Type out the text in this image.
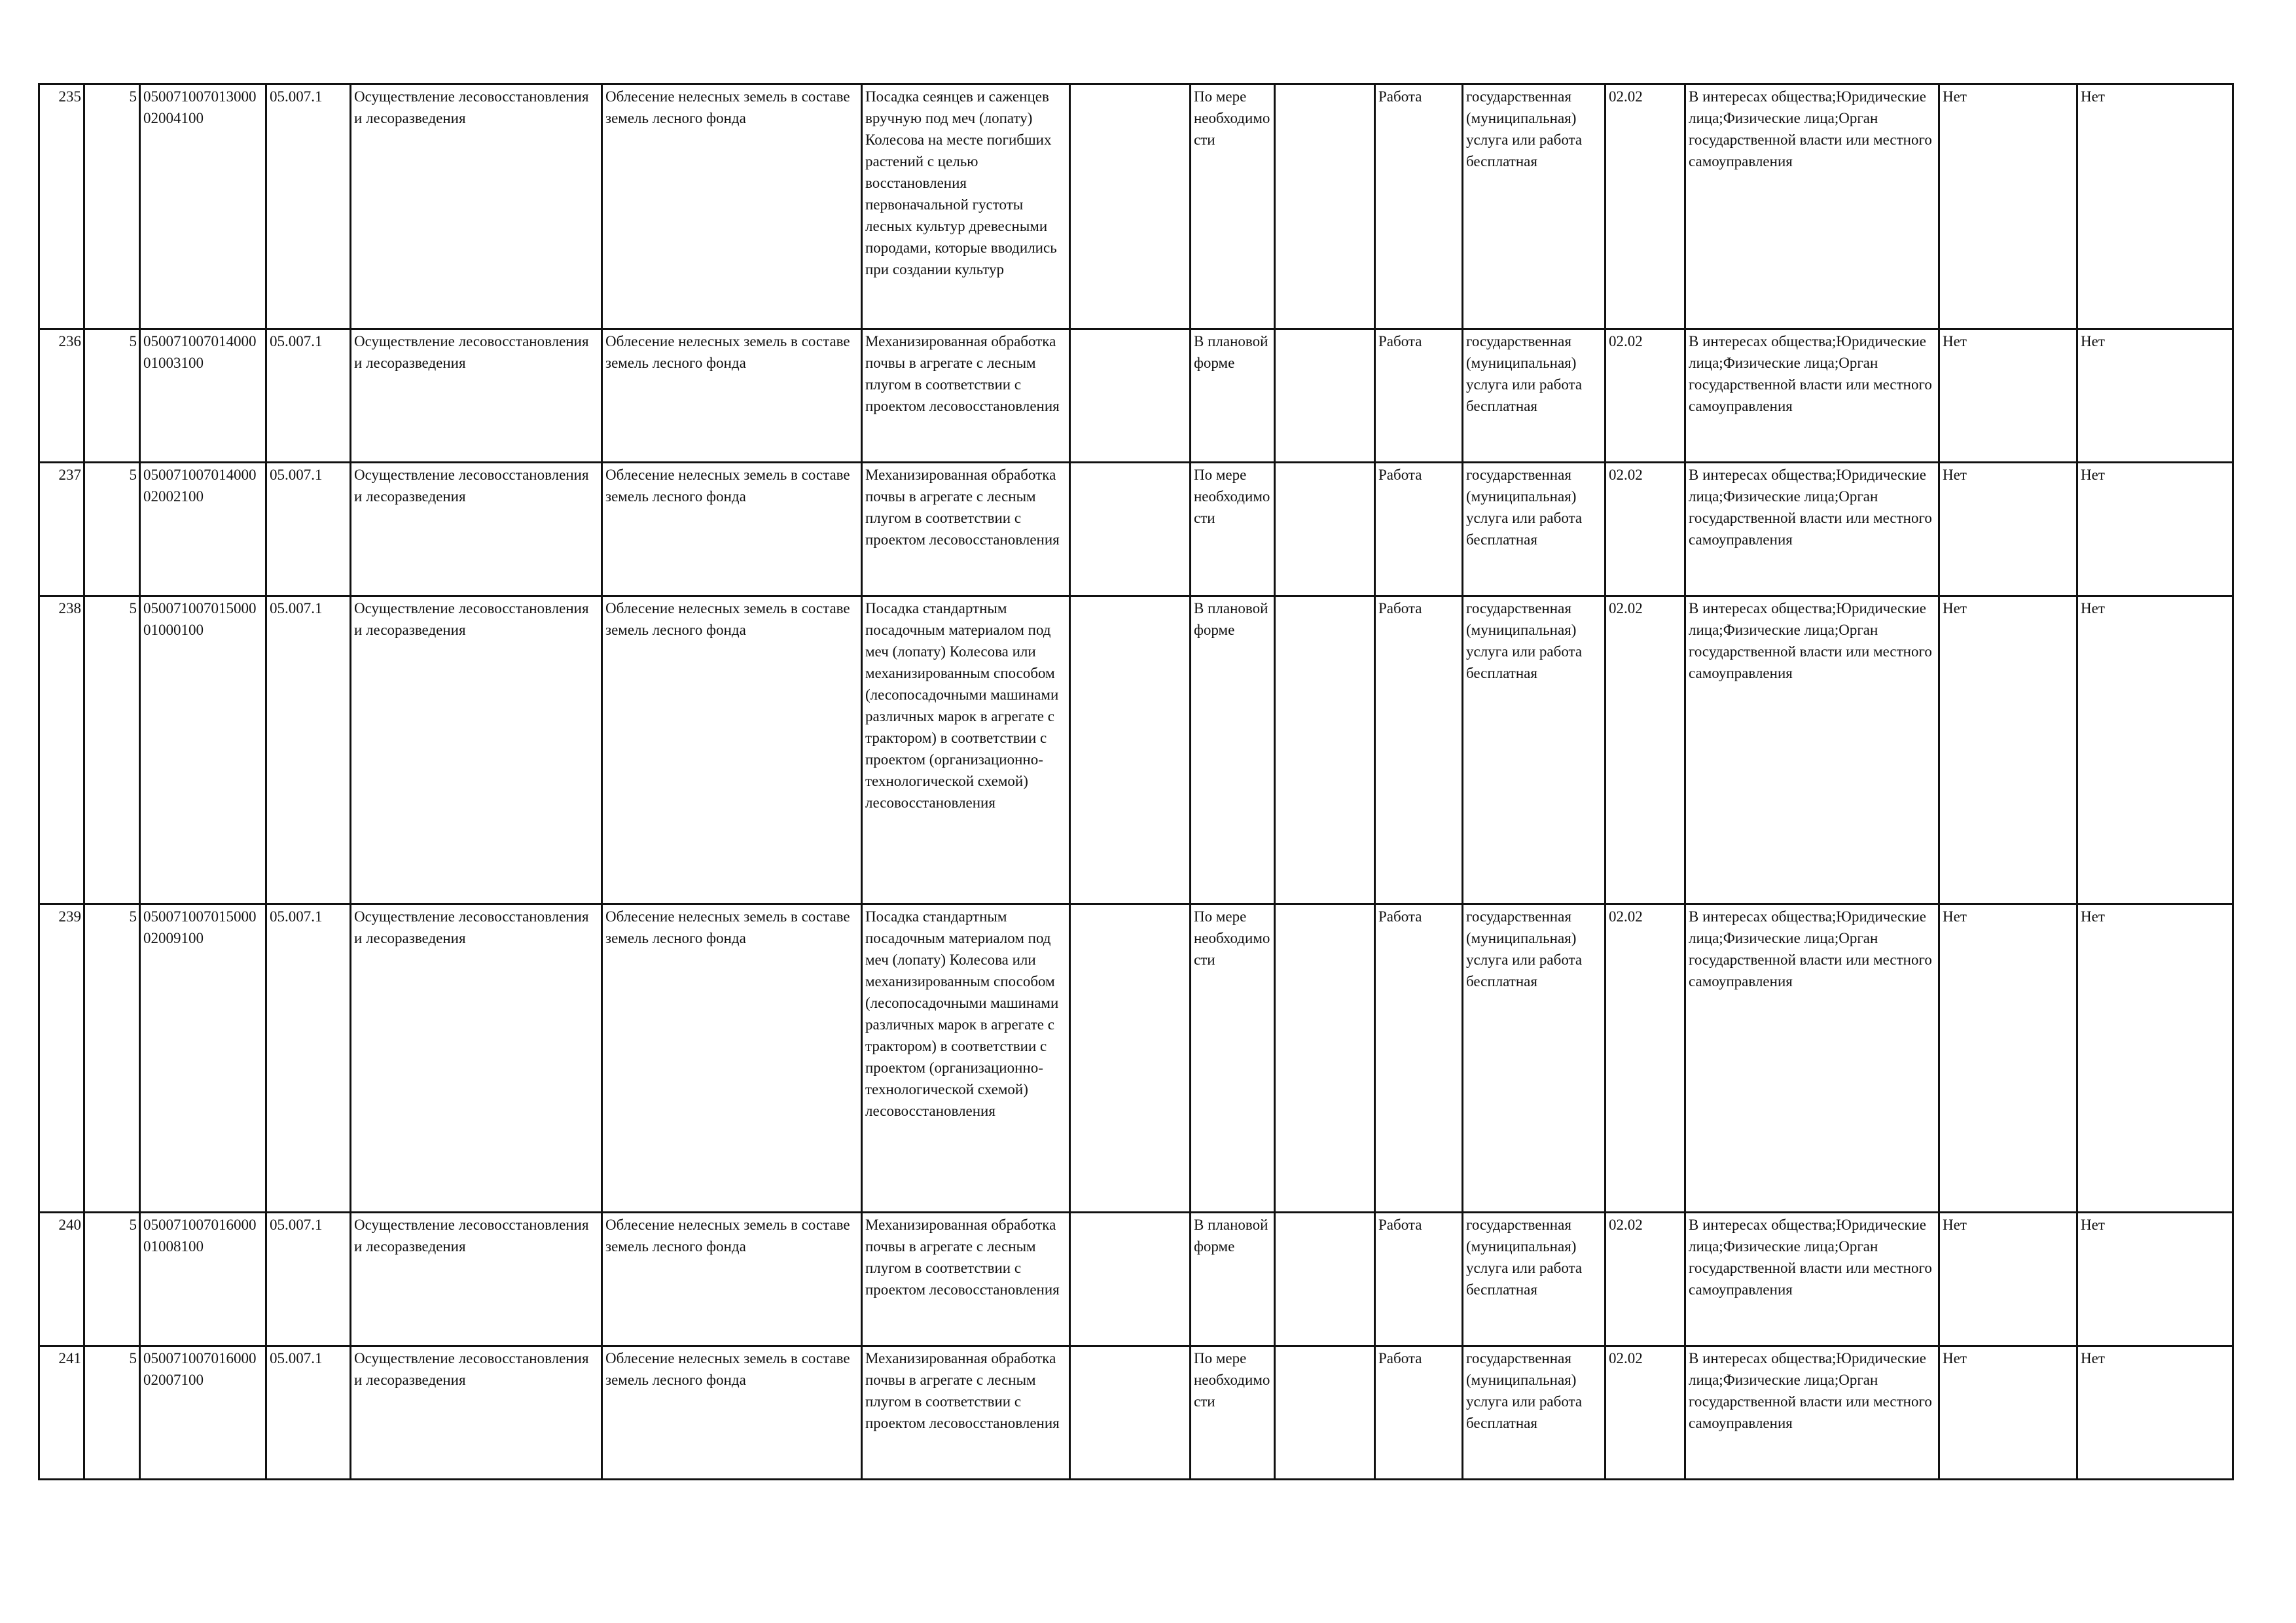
235	5	05007100701300002004100	05.007.1	Осуществление лесовосстановления и лесоразведения	Облесение нелесных земель в составе земель лесного фонда	Посадка сеянцев и саженцев вручную под меч (лопату) Колесова на месте погибших растений с целью восстановления первоначальной густоты лесных культур древесными породами, которые вводились при создании культур		По мере необходимости		Работа	государственная (муниципальная) услуга или работа бесплатная	02.02	В интересах общества;Юридические лица;Физические лица;Орган государственной власти или местного самоуправления	Нет	Нет
236	5	05007100701400001003100	05.007.1	Осуществление лесовосстановления и лесоразведения	Облесение нелесных земель в составе земель лесного фонда	Механизированная обработка почвы в агрегате с лесным плугом в соответствии с проектом лесовосстановления		В плановой форме		Работа	государственная (муниципальная) услуга или работа бесплатная	02.02	В интересах общества;Юридические лица;Физические лица;Орган государственной власти или местного самоуправления	Нет	Нет
237	5	05007100701400002002100	05.007.1	Осуществление лесовосстановления и лесоразведения	Облесение нелесных земель в составе земель лесного фонда	Механизированная обработка почвы в агрегате с лесным плугом в соответствии с проектом лесовосстановления		По мере необходимости		Работа	государственная (муниципальная) услуга или работа бесплатная	02.02	В интересах общества;Юридические лица;Физические лица;Орган государственной власти или местного самоуправления	Нет	Нет
238	5	05007100701500001000100	05.007.1	Осуществление лесовосстановления и лесоразведения	Облесение нелесных земель в составе земель лесного фонда	Посадка стандартным посадочным материалом под меч (лопату) Колесова или механизированным способом (лесопосадочными машинами различных марок в агрегате с трактором) в соответствии с проектом (организационно-технологической схемой) лесовосстановления		В плановой форме		Работа	государственная (муниципальная) услуга или работа бесплатная	02.02	В интересах общества;Юридические лица;Физические лица;Орган государственной власти или местного самоуправления	Нет	Нет
239	5	05007100701500002009100	05.007.1	Осуществление лесовосстановления и лесоразведения	Облесение нелесных земель в составе земель лесного фонда	Посадка стандартным посадочным материалом под меч (лопату) Колесова или механизированным способом (лесопосадочными машинами различных марок в агрегате с трактором) в соответствии с проектом (организационно-технологической схемой) лесовосстановления		По мере необходимости		Работа	государственная (муниципальная) услуга или работа бесплатная	02.02	В интересах общества;Юридические лица;Физические лица;Орган государственной власти или местного самоуправления	Нет	Нет
240	5	05007100701600001008100	05.007.1	Осуществление лесовосстановления и лесоразведения	Облесение нелесных земель в составе земель лесного фонда	Механизированная обработка почвы в агрегате с лесным плугом в соответствии с проектом лесовосстановления		В плановой форме		Работа	государственная (муниципальная) услуга или работа бесплатная	02.02	В интересах общества;Юридические лица;Физические лица;Орган государственной власти или местного самоуправления	Нет	Нет
241	5	05007100701600002007100	05.007.1	Осуществление лесовосстановления и лесоразведения	Облесение нелесных земель в составе земель лесного фонда	Механизированная обработка почвы в агрегате с лесным плугом в соответствии с проектом лесовосстановления		По мере необходимости		Работа	государственная (муниципальная) услуга или работа бесплатная	02.02	В интересах общества;Юридические лица;Физические лица;Орган государственной власти или местного самоуправления	Нет	Нет
